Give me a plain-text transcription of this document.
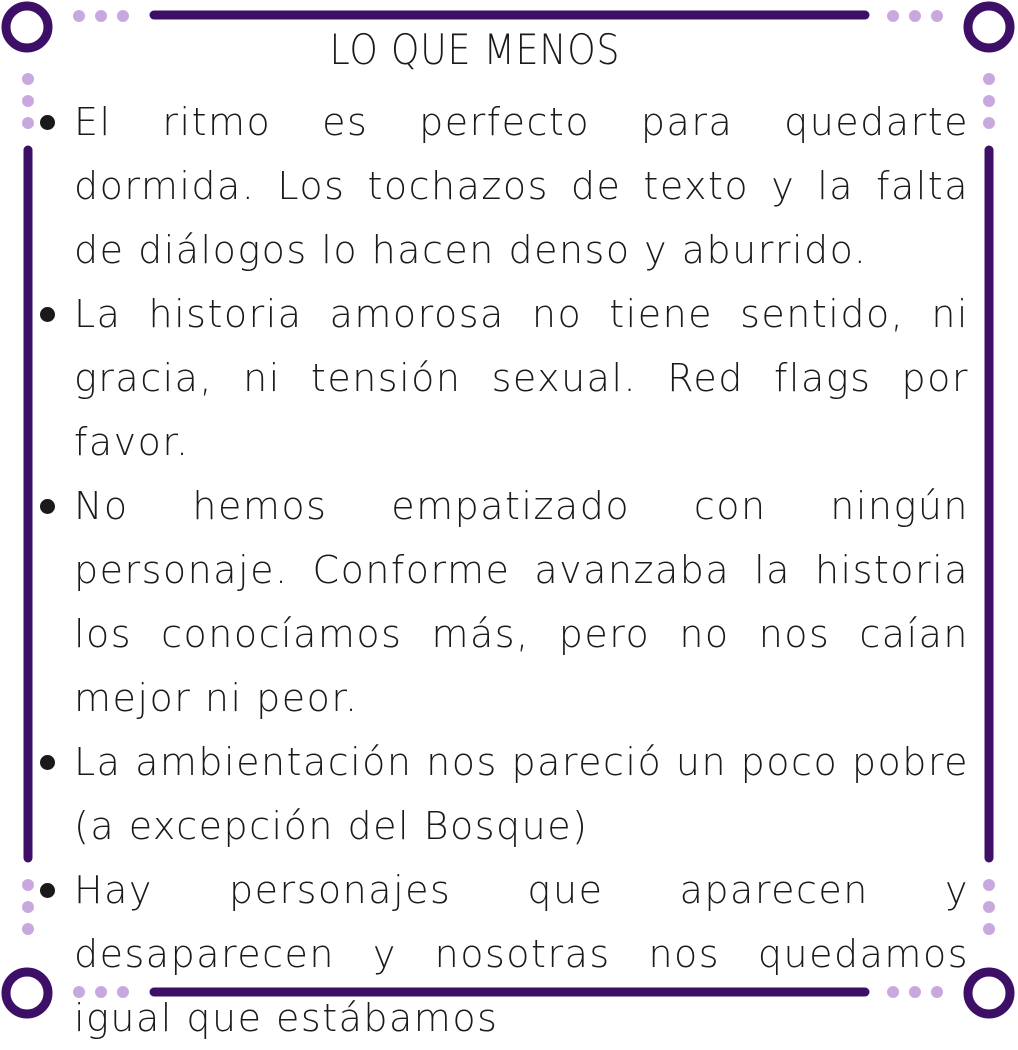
LO QUE MENOS
El ritmo es perfecto para quedarte dormida. Los tochazos de texto y la falta de diálogos lo hacen denso y aburrido.
La historia amorosa no tiene sentido, ni gracia, ni tensión sexual. Red flags por favor.
No hemos empatizado con ningún personaje. Conforme avanzaba la historia los conocíamos más, pero no nos caían mejor ni peor.
La ambientación nos pareció un poco pobre (a excepción del Bosque)
Hay personajes que aparecen y desaparecen y nosotras nos quedamos igual que estábamos
